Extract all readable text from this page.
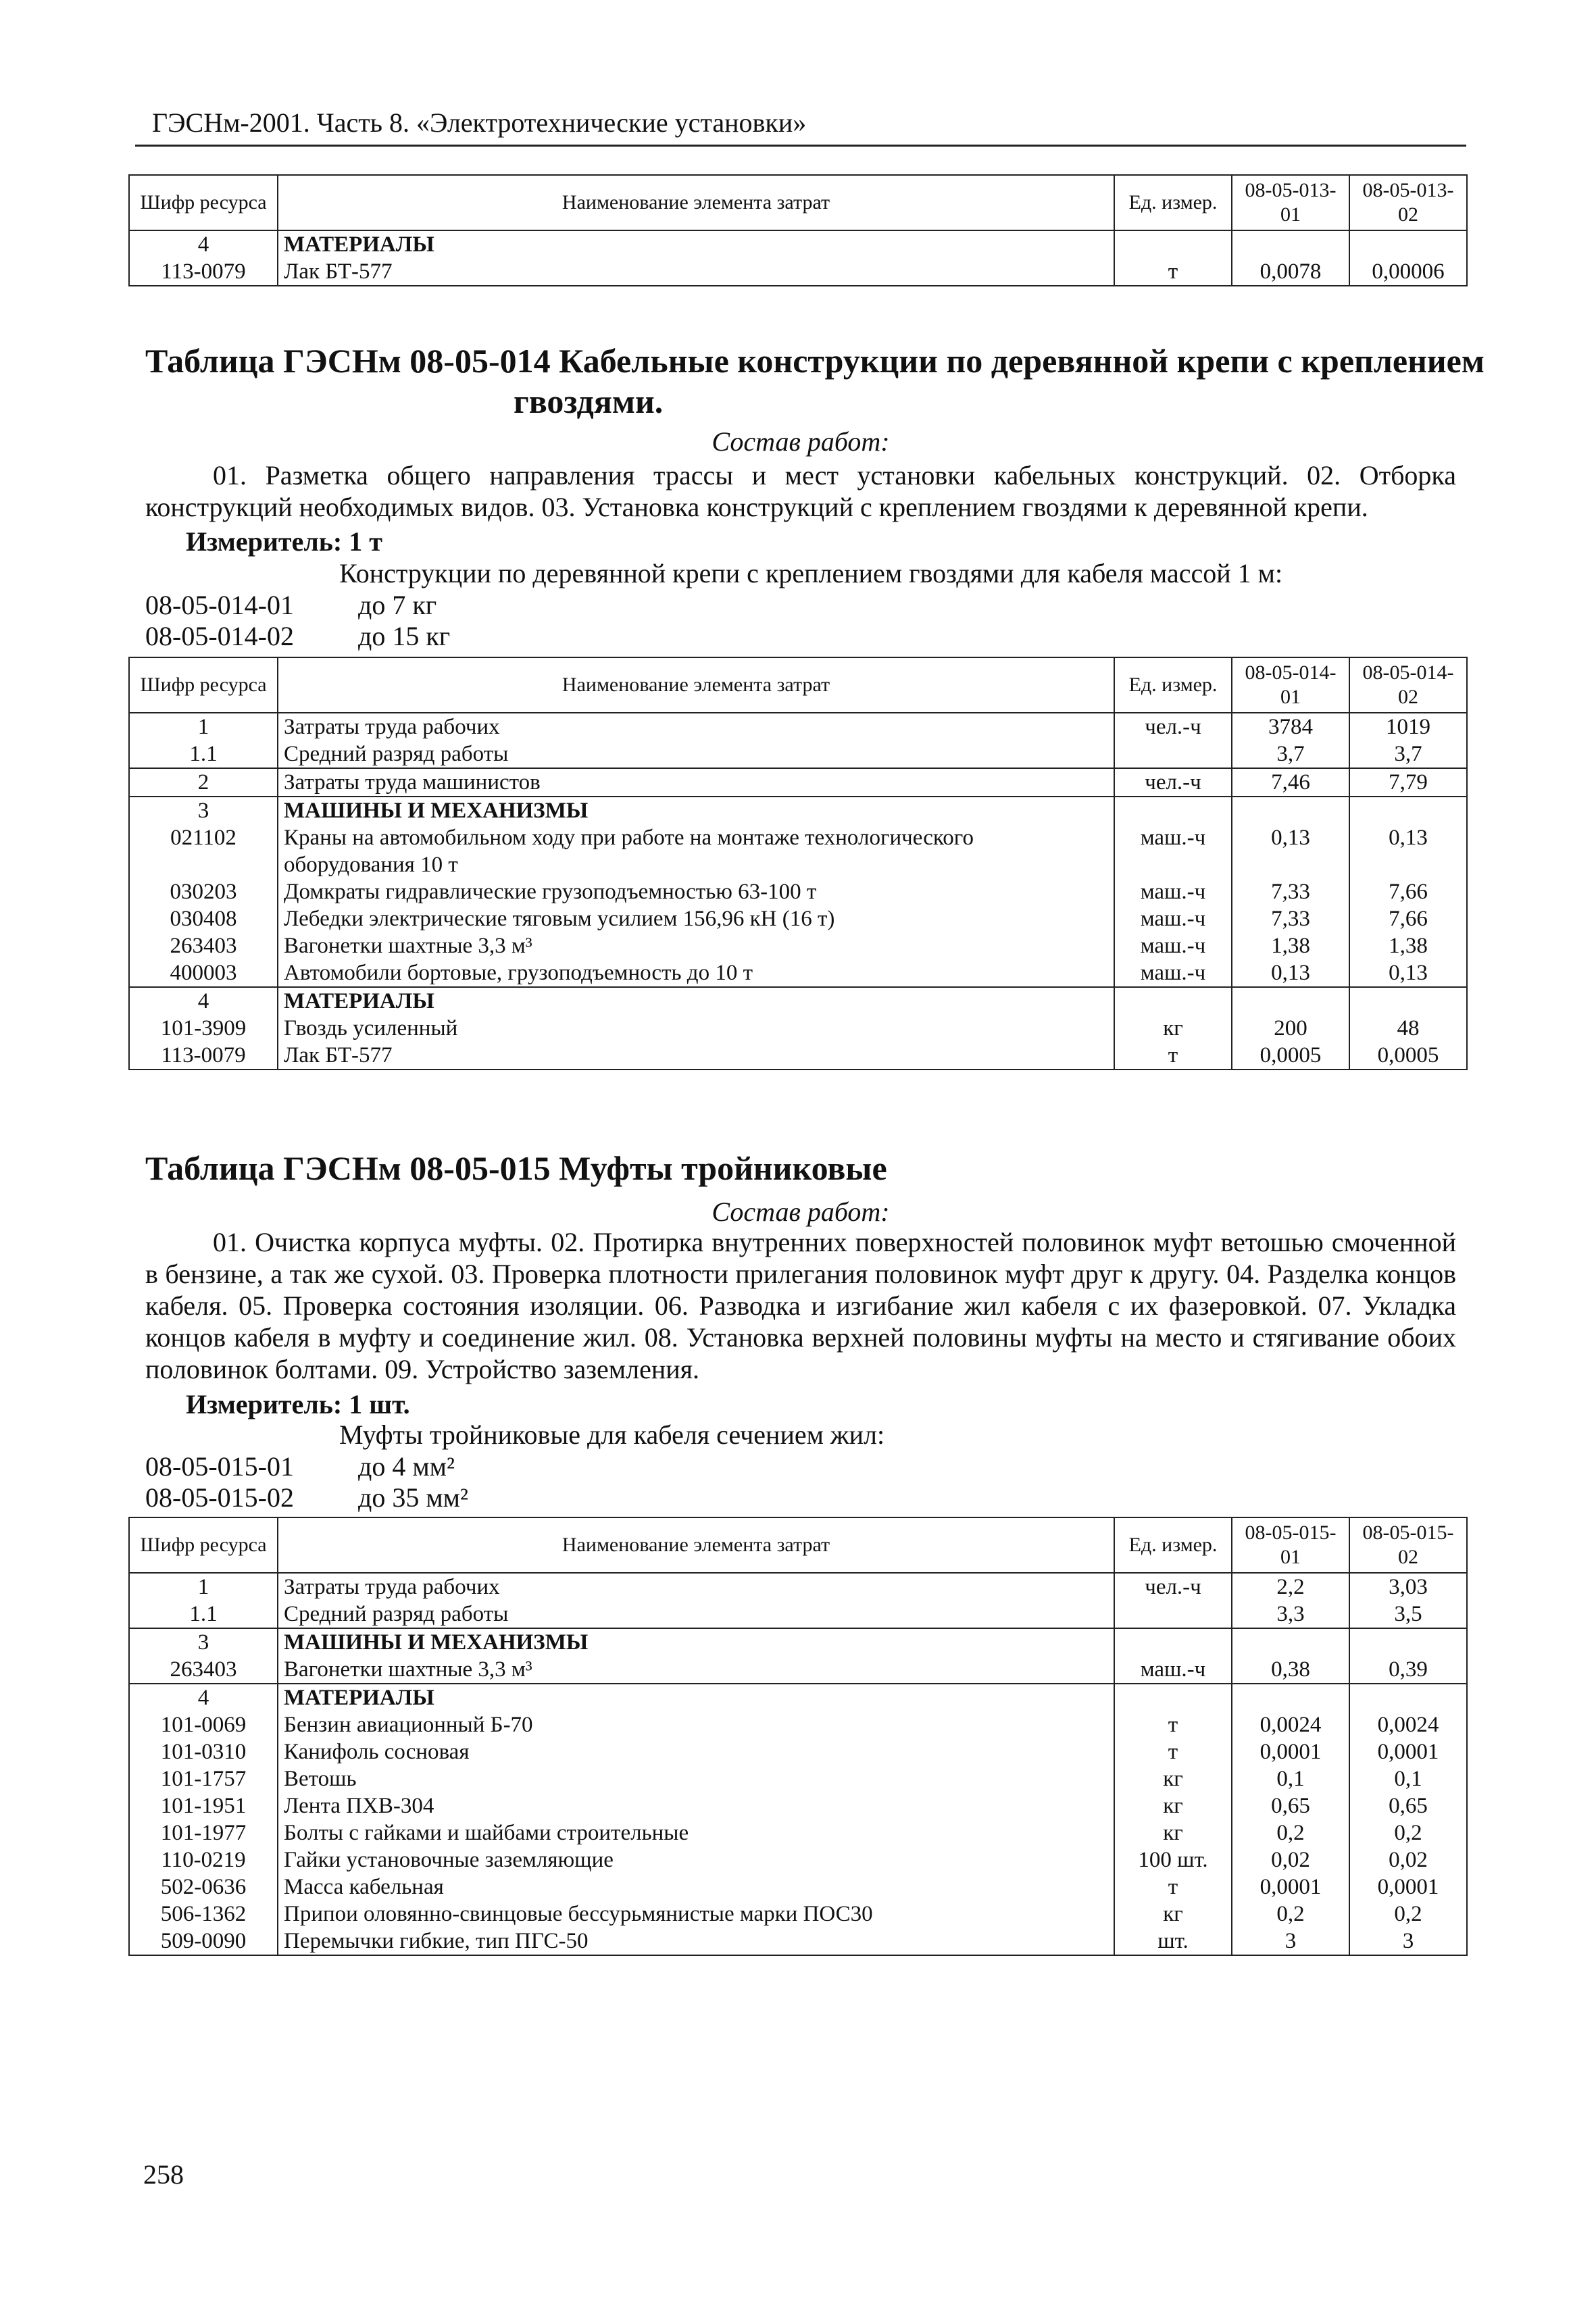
ГЭСНм-2001. Часть 8. «Электротехнические установки»
Шифр ресурса	Наименование элемента затрат	Ед. измер.	08-05-013-01	08-05-013-02
4	МАТЕРИАЛЫ			
113-0079	Лак БТ-577	т	0,0078	0,00006
Таблица ГЭСНм 08-05-014 Кабельные конструкции по деревянной крепи с креплением
гвоздями.
Состав работ:
01. Разметка общего направления трассы и мест установки кабельных конструкций. 02. Отборка конструкций необходимых видов. 03. Установка конструкций с креплением гвоздями к деревянной крепи.
Измеритель: 1 т
Конструкции по деревянной крепи с креплением гвоздями для кабеля массой 1 м:
08-05-014-01 до 7 кг
08-05-014-02 до 15 кг
Шифр ресурса	Наименование элемента затрат	Ед. измер.	08-05-014-01	08-05-014-02
1	Затраты труда рабочих	чел.-ч	3784	1019
1.1	Средний разряд работы		3,7	3,7
2	Затраты труда машинистов	чел.-ч	7,46	7,79
3	МАШИНЫ И МЕХАНИЗМЫ			
021102	Краны на автомобильном ходу при работе на монтаже технологического оборудования 10 т	маш.-ч	0,13	0,13
030203	Домкраты гидравлические грузоподъемностью 63-100 т	маш.-ч	7,33	7,66
030408	Лебедки электрические тяговым усилием 156,96 кН (16 т)	маш.-ч	7,33	7,66
263403	Вагонетки шахтные 3,3 м³	маш.-ч	1,38	1,38
400003	Автомобили бортовые, грузоподъемность до 10 т	маш.-ч	0,13	0,13
4	МАТЕРИАЛЫ			
101-3909	Гвоздь усиленный	кг	200	48
113-0079	Лак БТ-577	т	0,0005	0,0005
Таблица ГЭСНм 08-05-015 Муфты тройниковые
Состав работ:
01. Очистка корпуса муфты. 02. Протирка внутренних поверхностей половинок муфт ветошью смоченной в бензине, а так же сухой. 03. Проверка плотности прилегания половинок муфт друг к другу. 04. Разделка концов кабеля. 05. Проверка состояния изоляции. 06. Разводка и изгибание жил кабеля с их фазеровкой. 07. Укладка концов кабеля в муфту и соединение жил. 08. Установка верхней половины муфты на место и стягивание обоих половинок болтами. 09. Устройство заземления.
Измеритель: 1 шт.
Муфты тройниковые для кабеля сечением жил:
08-05-015-01 до 4 мм²
08-05-015-02 до 35 мм²
Шифр ресурса	Наименование элемента затрат	Ед. измер.	08-05-015-01	08-05-015-02
1	Затраты труда рабочих	чел.-ч	2,2	3,03
1.1	Средний разряд работы		3,3	3,5
3	МАШИНЫ И МЕХАНИЗМЫ			
263403	Вагонетки шахтные 3,3 м³	маш.-ч	0,38	0,39
4	МАТЕРИАЛЫ			
101-0069	Бензин авиационный Б-70	т	0,0024	0,0024
101-0310	Канифоль сосновая	т	0,0001	0,0001
101-1757	Ветошь	кг	0,1	0,1
101-1951	Лента ПХВ-304	кг	0,65	0,65
101-1977	Болты с гайками и шайбами строительные	кг	0,2	0,2
110-0219	Гайки установочные заземляющие	100 шт.	0,02	0,02
502-0636	Масса кабельная	т	0,0001	0,0001
506-1362	Припои оловянно-свинцовые бессурьмянистые марки ПОС30	кг	0,2	0,2
509-0090	Перемычки гибкие, тип ПГС-50	шт.	3	3
258
